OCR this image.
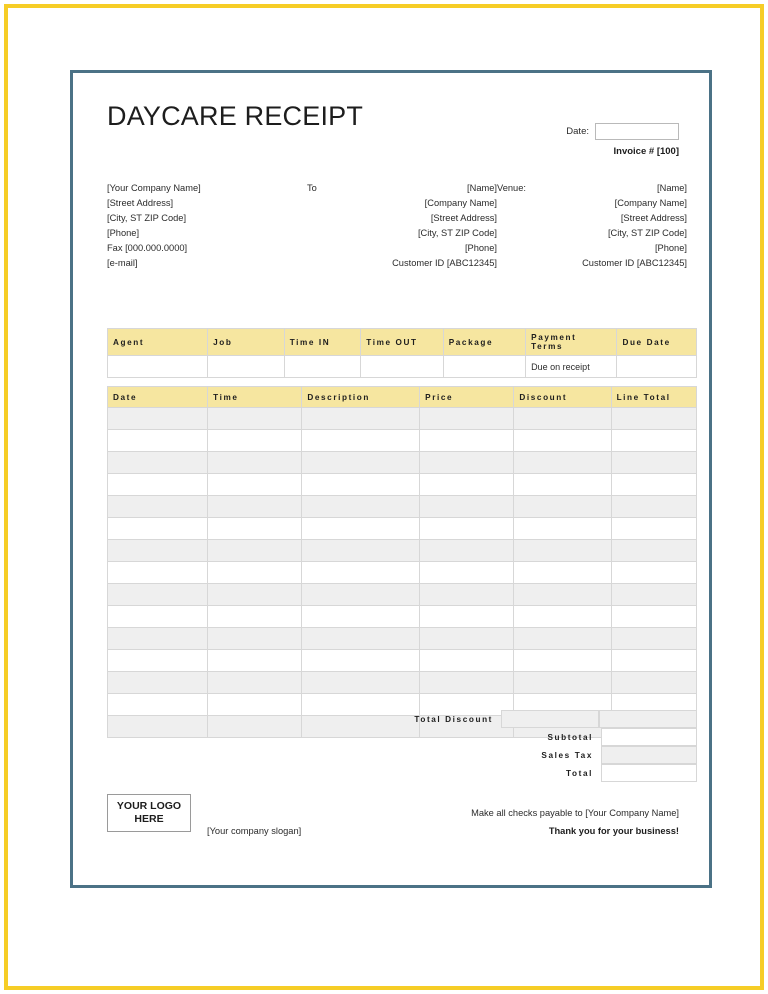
DAYCARE RECEIPT
Date:
Invoice # [100]
[Your Company Name]
[Street Address]
[City, ST ZIP Code]
[Phone]
Fax [000.000.0000]
[e-mail]
To	[Name]
[Company Name]
[Street Address]
[City, ST ZIP Code]
[Phone]
Customer ID [ABC12345]
Venue:	[Name]
[Company Name]
[Street Address]
[City, ST ZIP Code]
[Phone]
Customer ID [ABC12345]
Agent	Job	Time IN	Time OUT	Package	Payment Terms	Due Date
					Due on receipt	
Date	Time	Description	Price	Discount	Line Total

Total Discount
Subtotal
Sales Tax
Total
YOUR LOGO
HERE
[Your company slogan]
Make all checks payable to [Your Company Name]
Thank you for your business!
